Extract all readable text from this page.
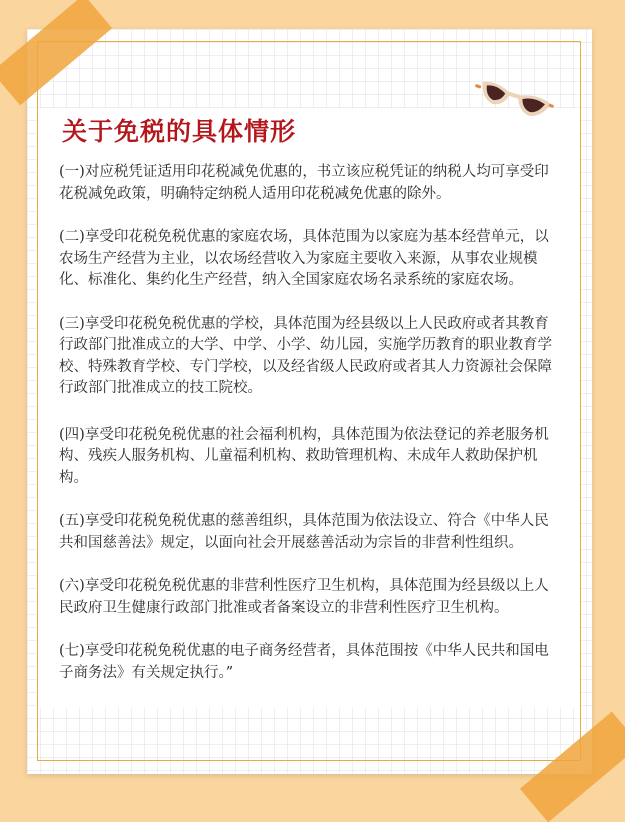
关于免税的具体情形

(一)对应税凭证适用印花税减免优惠的，书立该应税凭证的纳税人均可享受印花税减免政策，明确特定纳税人适用印花税减免优惠的除外。

(二)享受印花税免税优惠的家庭农场，具体范围为以家庭为基本经营单元，以农场生产经营为主业，以农场经营收入为家庭主要收入来源，从事农业规模化、标准化、集约化生产经营，纳入全国家庭农场名录系统的家庭农场。

(三)享受印花税免税优惠的学校，具体范围为经县级以上人民政府或者其教育行政部门批准成立的大学、中学、小学、幼儿园，实施学历教育的职业教育学校、特殊教育学校、专门学校，以及经省级人民政府或者其人力资源社会保障行政部门批准成立的技工院校。

(四)享受印花税免税优惠的社会福利机构，具体范围为依法登记的养老服务机构、残疾人服务机构、儿童福利机构、救助管理机构、未成年人救助保护机构。

(五)享受印花税免税优惠的慈善组织，具体范围为依法设立、符合《中华人民共和国慈善法》规定，以面向社会开展慈善活动为宗旨的非营利性组织。

(六)享受印花税免税优惠的非营利性医疗卫生机构，具体范围为经县级以上人民政府卫生健康行政部门批准或者备案设立的非营利性医疗卫生机构。

(七)享受印花税免税优惠的电子商务经营者，具体范围按《中华人民共和国电子商务法》有关规定执行。”
